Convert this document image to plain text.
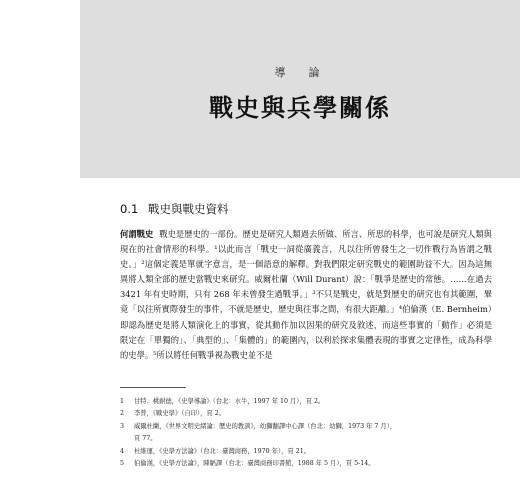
導　論
戰史與兵學關係
0.1 戰史與戰史資料
何謂戰史 戰史是歷史的一部份。歷史是研究人類過去所做、所言、所思的科學，也可說是研究人類與現在的社會情形的科學。¹以此而言「戰史一詞從廣義言，凡以往所曾發生之一切作戰行為皆謂之戰史。」²這個定義是單就字意言，是一個語意的解釋。對我們限定研究戰史的範圍助益不大。因為這無異將人類全部的歷史當戰史來研究。威爾杜蘭（Will Durant）說：「戰爭是歷史的常態。……在過去 3421 年有史時期，只有 268 年未曾發生過戰爭。」³不只是戰史，就是對歷史的研究也有其範圍，畢竟「以往所實際發生的事件，不就是歷史，歷史與往事之間，有很大距離。」⁴伯倫漢（E. Bernheim）即認為歷史是將人類演化上的事實，從其動作加以因果的研究及敘述，而這些事實的「動作」必須是限定在「單獨的」、「典型的」、「集體的」的範圍內，以利於探求集體表現的事實之定律性，成為科學的史學。⁵所以將任何戰爭視為戰史並不是
1	甘特．桃耐德，《史學導論》（台北：水牛，1997 年 10 月），頁 2。
2	李普，《戰史學》（自印），頁 2。
3	威爾杜蘭，《世界文明史緒論：歷史的教訓》，幼獅翻譯中心譯（台北：幼獅，1973 年 7 月），
頁 77。
4	杜維運，《史學方法論》（台北：臺灣商務，1970 年），頁 21。
5	伯倫漢，《史學方法論》，陳韜譯（台北：臺灣商務印書館，1988 年 5 月），頁 5-14。
